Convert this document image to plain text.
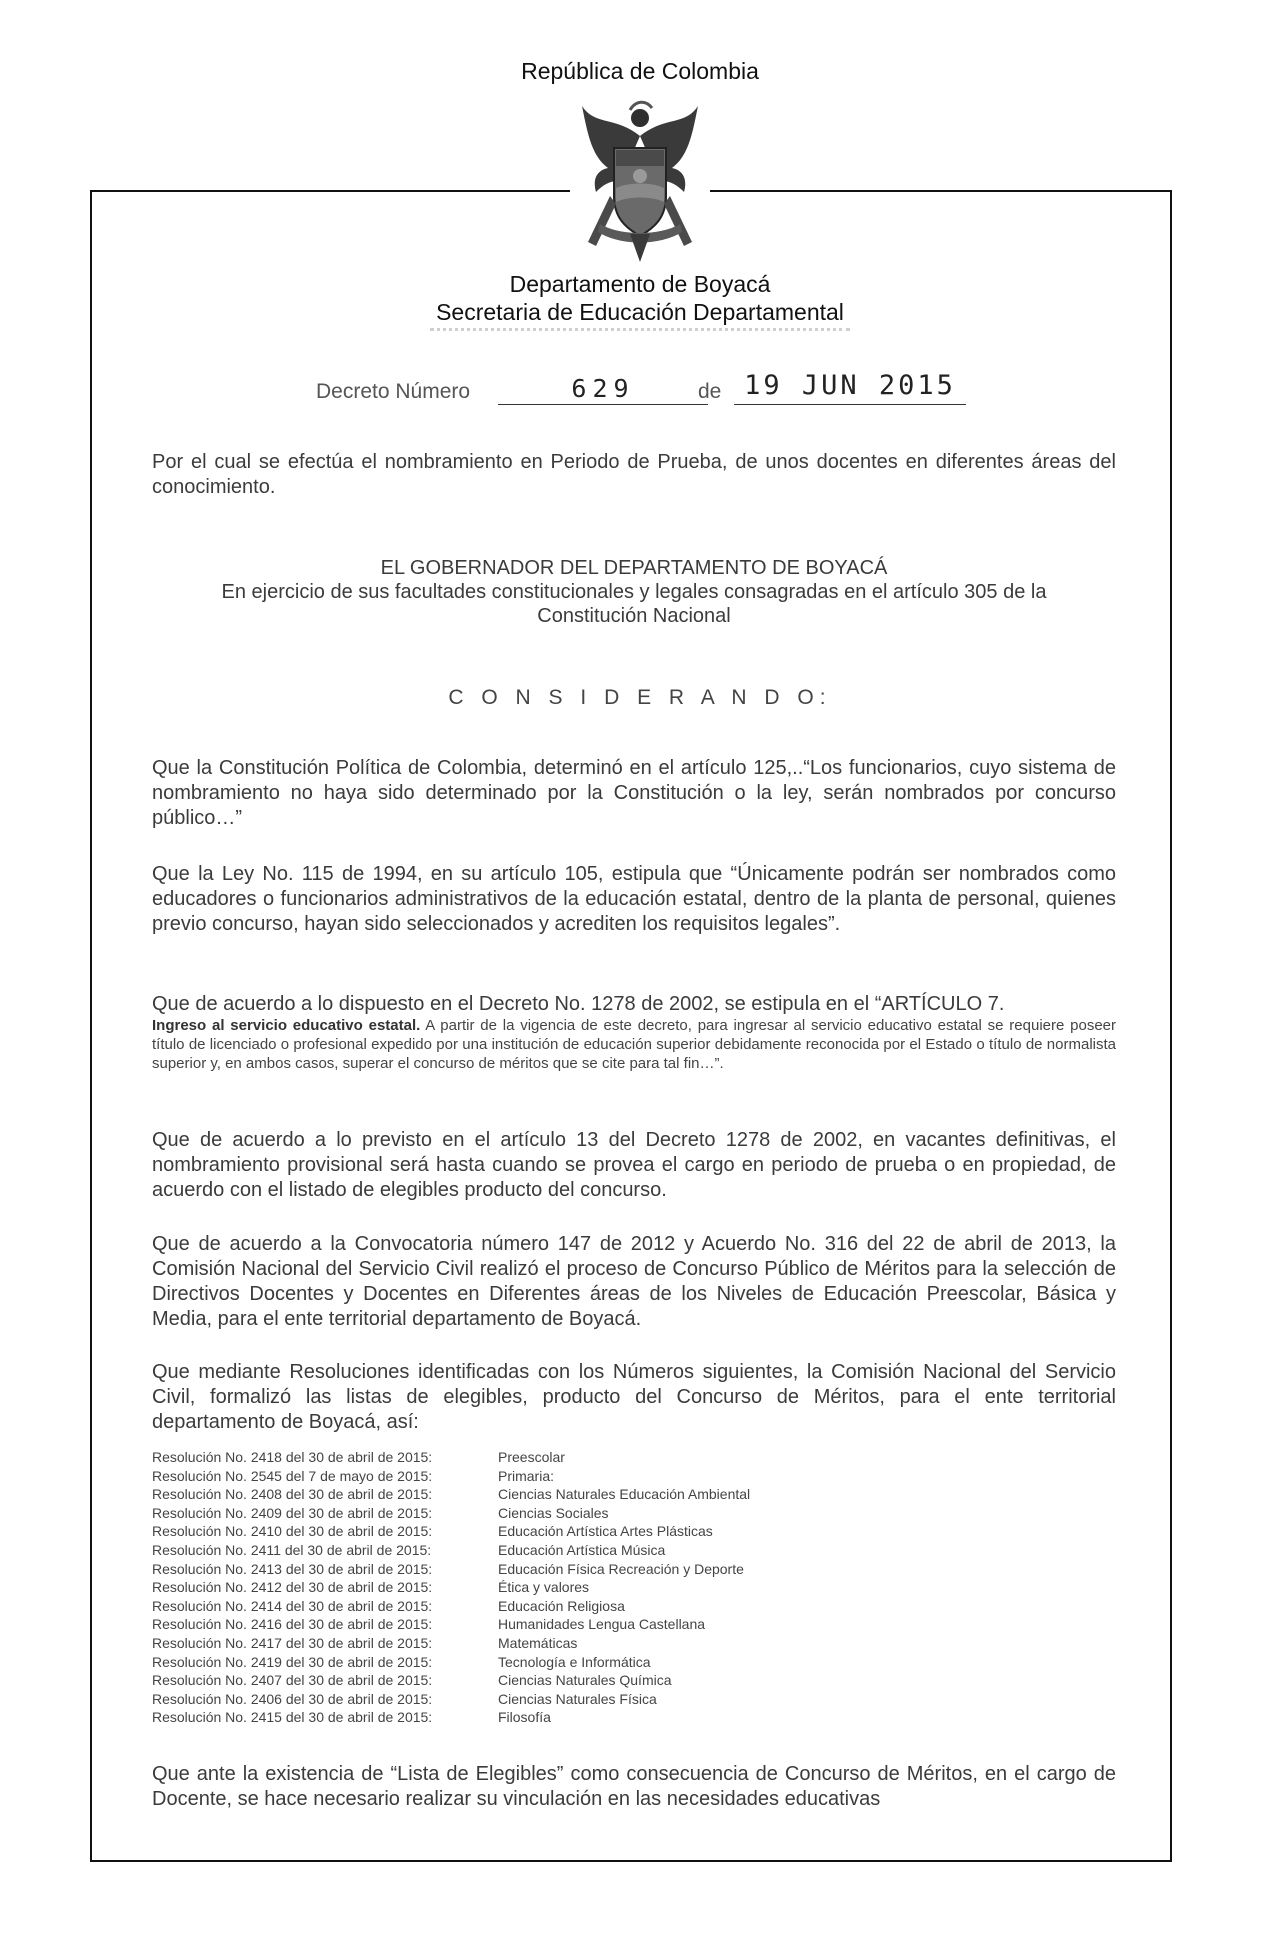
República de Colombia
Departamento de Boyacá
Secretaria de Educación Departamental
Decreto Número	629	de 19 JUN 2015
Por el cual se efectúa el nombramiento en Periodo de Prueba, de unos docentes en diferentes áreas del conocimiento.
EL GOBERNADOR DEL DEPARTAMENTO DE BOYACÁ
En ejercicio de sus facultades constitucionales y legales consagradas en el artículo 305 de la
Constitución Nacional
C O N S I D E R A N D O:
Que la Constitución Política de Colombia, determinó en el artículo 125,..“Los funcionarios, cuyo sistema de nombramiento no haya sido determinado por la Constitución o la ley, serán nombrados por concurso público…”
Que la Ley No. 115 de 1994, en su artículo 105, estipula que “Únicamente podrán ser nombrados como educadores o funcionarios administrativos de la educación estatal, dentro de la planta de personal, quienes previo concurso, hayan sido seleccionados y acrediten los requisitos legales”.
Que de acuerdo a lo dispuesto en el Decreto No. 1278 de 2002, se estipula en el “ARTÍCULO 7.
Ingreso al servicio educativo estatal. A partir de la vigencia de este decreto, para ingresar al servicio educativo estatal se requiere poseer título de licenciado o profesional expedido por una institución de educación superior debidamente reconocida por el Estado o título de normalista superior y, en ambos casos, superar el concurso de méritos que se cite para tal fin…”.
Que de acuerdo a lo previsto en el artículo 13 del Decreto 1278 de 2002, en vacantes definitivas, el nombramiento provisional será hasta cuando se provea el cargo en periodo de prueba o en propiedad, de acuerdo con el listado de elegibles producto del concurso.
Que de acuerdo a la Convocatoria número 147 de 2012 y Acuerdo No. 316 del 22 de abril de 2013, la Comisión Nacional del Servicio Civil realizó el proceso de Concurso Público de Méritos para la selección de Directivos Docentes y Docentes en Diferentes áreas de los Niveles de Educación Preescolar, Básica y Media, para el ente territorial departamento de Boyacá.
Que mediante Resoluciones identificadas con los Números siguientes, la Comisión Nacional del Servicio Civil, formalizó las listas de elegibles, producto del Concurso de Méritos, para el ente territorial departamento de Boyacá, así:
Resolución No. 2418 del 30 de abril de 2015:	Preescolar
Resolución No. 2545 del 7 de mayo de 2015:	Primaria:
Resolución No. 2408 del 30 de abril de 2015:	Ciencias Naturales Educación Ambiental
Resolución No. 2409 del 30 de abril de 2015:	Ciencias Sociales
Resolución No. 2410 del 30 de abril de 2015:	Educación Artística Artes Plásticas
Resolución No. 2411 del 30 de abril de 2015:	Educación Artística Música
Resolución No. 2413 del 30 de abril de 2015:	Educación Física Recreación y Deporte
Resolución No. 2412 del 30 de abril de 2015:	Ética y valores
Resolución No. 2414 del 30 de abril de 2015:	Educación Religiosa
Resolución No. 2416 del 30 de abril de 2015:	Humanidades Lengua Castellana
Resolución No. 2417 del 30 de abril de 2015:	Matemáticas
Resolución No. 2419 del 30 de abril de 2015:	Tecnología e Informática
Resolución No. 2407 del 30 de abril de 2015:	Ciencias Naturales Química
Resolución No. 2406 del 30 de abril de 2015:	Ciencias Naturales Física
Resolución No. 2415 del 30 de abril de 2015:	Filosofía
Que ante la existencia de “Lista de Elegibles” como consecuencia de Concurso de Méritos, en el cargo de Docente, se hace necesario realizar su vinculación en las necesidades educativas
